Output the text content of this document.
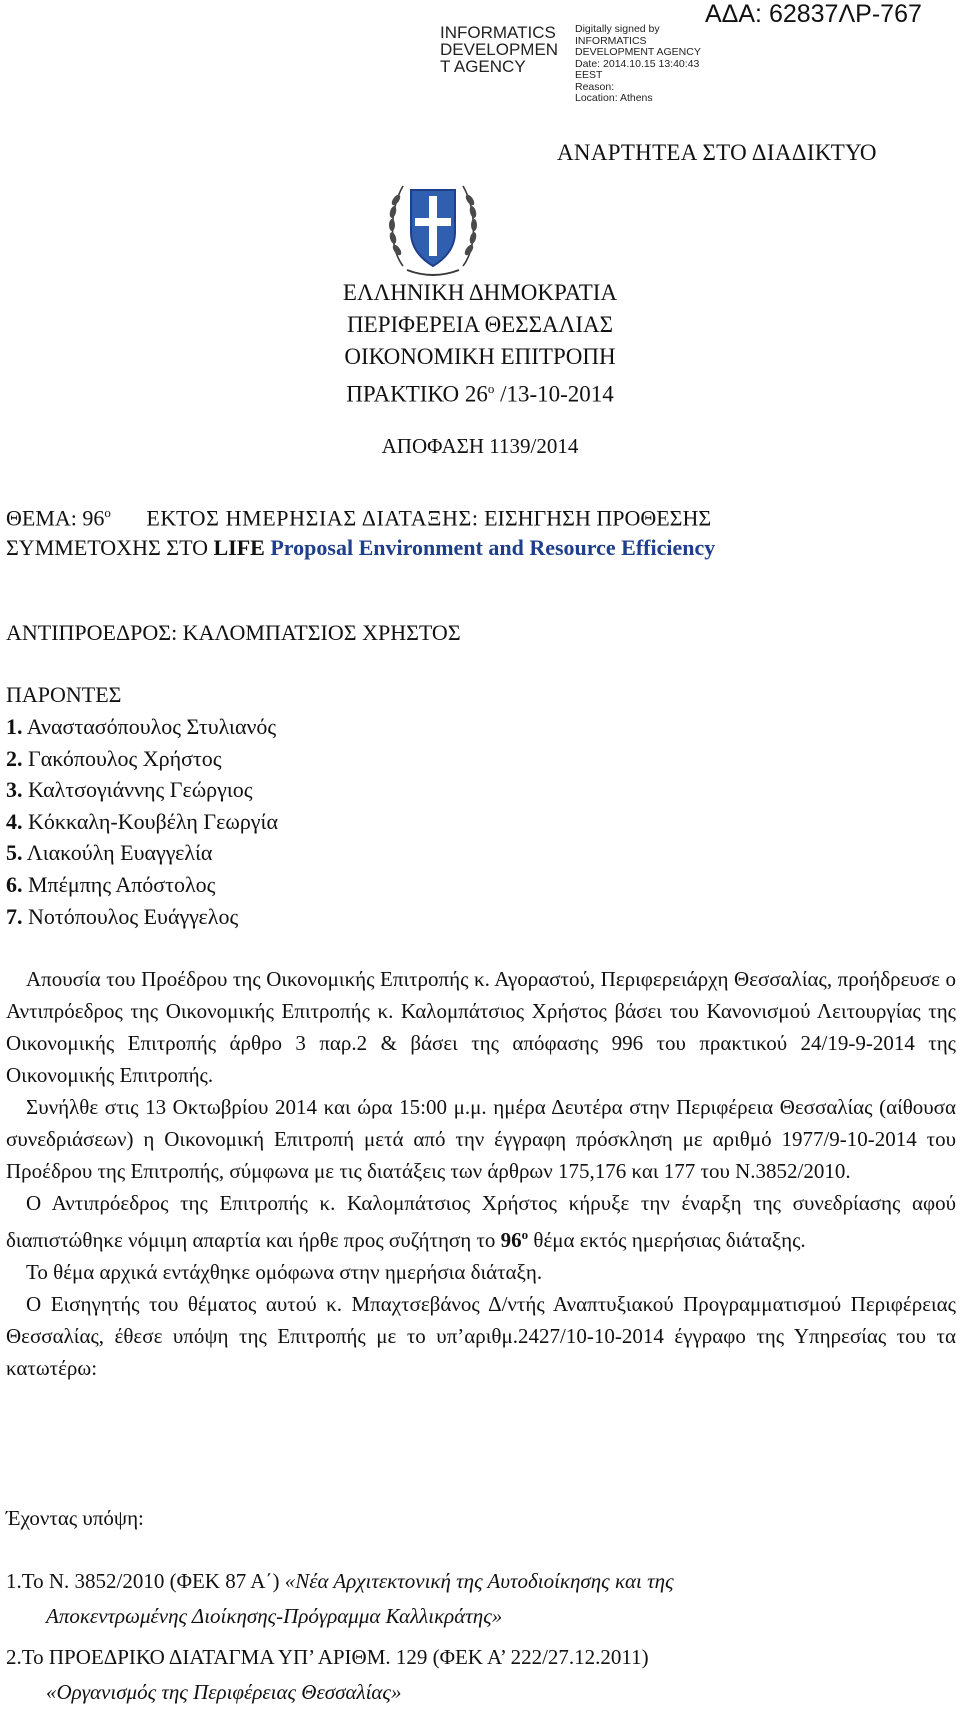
INFORMATICS
DEVELOPMEN
T AGENCY
Digitally signed by
INFORMATICS
DEVELOPMENT AGENCY
Date: 2014.10.15 13:40:43
EEST
Reason:
Location: Athens
ΑΔΑ: 62837ΛΡ-767
ΑΝΑΡΤΗΤΕΑ ΣΤΟ ΔΙΑΔΙΚΤΥΟ
ΕΛΛΗΝΙΚΗ ΔΗΜΟΚΡΑΤΙΑ
ΠΕΡΙΦΕΡΕΙΑ ΘΕΣΣΑΛΙΑΣ
ΟΙΚΟΝΟΜΙΚΗ ΕΠΙΤΡΟΠΗ
ΠΡΑΚΤΙΚΟ $26^o$ /13-10-2014
ΑΠΟΦΑΣΗ 1139/2014
ΘΕΜΑ: $96^o$ ΕΚΤΟΣ ΗΜΕΡΗΣΙΑΣ ΔΙΑΤΑΞΗΣ: ΕΙΣΗΓΗΣΗ ΠΡΟΘΕΣΗΣ
ΣΥΜΜΕΤΟΧΗΣ ΣΤΟ LIFE Proposal Environment and Resource Efficiency
ΑΝΤΙΠΡΟΕΔΡΟΣ: ΚΑΛΟΜΠΑΤΣΙΟΣ ΧΡΗΣΤΟΣ
ΠΑΡΟΝΤΕΣ
1. Αναστασόπουλος Στυλιανός
2. Γακόπουλος Χρήστος
3. Καλτσογιάννης Γεώργιος
4. Κόκκαλη-Κουβέλη Γεωργία
5. Λιακούλη Ευαγγελία
6. Μπέμπης Απόστολος
7. Νοτόπουλος Ευάγγελος

Απουσία του Προέδρου της Οικονομικής Επιτροπής κ. Αγοραστού, Περιφερειάρχη Θεσσαλίας, προήδρευσε ο Αντιπρόεδρος της Οικονομικής Επιτροπής κ. Καλομπάτσιος Χρήστος βάσει του Κανονισμού Λειτουργίας της Οικονομικής Επιτροπής άρθρο 3 παρ.2 & βάσει της απόφασης 996 του πρακτικού 24/19-9-2014 της Οικονομικής Επιτροπής.

Συνήλθε στις 13 Οκτωβρίου 2014 και ώρα 15:00 μ.μ. ημέρα Δευτέρα στην Περιφέρεια Θεσσαλίας (αίθουσα συνεδριάσεων) η Οικονομική Επιτροπή μετά από την έγγραφη πρόσκληση με αριθμό 1977/9-10-2014 του Προέδρου της Επιτροπής, σύμφωνα με τις διατάξεις των άρθρων 175,176 και 177 του Ν.3852/2010.

Ο Αντιπρόεδρος της Επιτροπής κ. Καλομπάτσιος Χρήστος κήρυξε την έναρξη της συνεδρίασης αφού διαπιστώθηκε νόμιμη απαρτία και ήρθε προς συζήτηση το $96^o$ θέμα εκτός ημερήσιας διάταξης.

Το θέμα αρχικά εντάχθηκε ομόφωνα στην ημερήσια διάταξη.

Ο Εισηγητής του θέματος αυτού κ. Μπαχτσεβάνος Δ/ντής Αναπτυξιακού Προγραμματισμού Περιφέρειας Θεσσαλίας, έθεσε υπόψη της Επιτροπής με το υπ’αριθμ.2427/10-10-2014 έγγραφο της Υπηρεσίας του τα κατωτέρω:

Έχοντας υπόψη:
1.Το Ν. 3852/2010 (ΦΕΚ 87 Α΄) «Νέα Αρχιτεκτονική της Αυτοδιοίκησης και της
Αποκεντρωμένης Διοίκησης-Πρόγραμμα Καλλικράτης»
2.Το ΠΡΟΕΔΡΙΚΟ ΔΙΑΤΑΓΜΑ ΥΠ’ ΑΡΙΘΜ. 129 (ΦΕΚ Α’ 222/27.12.2011)
«Οργανισμός της Περιφέρειας Θεσσαλίας»
